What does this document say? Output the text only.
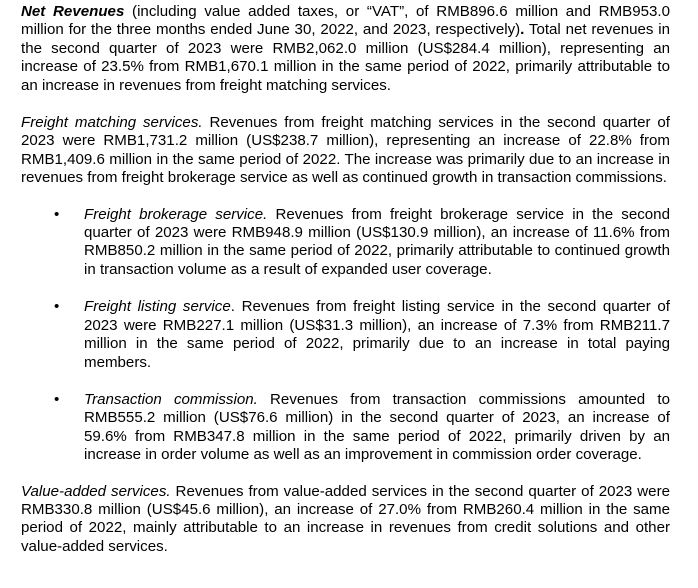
Net Revenues (including value added taxes, or “VAT”, of RMB896.6 million and RMB953.0 million for the three months ended June 30, 2022, and 2023, respectively). Total net revenues in the second quarter of 2023 were RMB2,062.0 million (US$284.4 million), representing an increase of 23.5% from RMB1,670.1 million in the same period of 2022, primarily attributable to an increase in revenues from freight matching services.

Freight matching services. Revenues from freight matching services in the second quarter of 2023 were RMB1,731.2 million (US$238.7 million), representing an increase of 22.8% from RMB1,409.6 million in the same period of 2022. The increase was primarily due to an increase in revenues from freight brokerage service as well as continued growth in transaction commissions.

• Freight brokerage service. Revenues from freight brokerage service in the second quarter of 2023 were RMB948.9 million (US$130.9 million), an increase of 11.6% from RMB850.2 million in the same period of 2022, primarily attributable to continued growth in transaction volume as a result of expanded user coverage.
• Freight listing service. Revenues from freight listing service in the second quarter of 2023 were RMB227.1 million (US$31.3 million), an increase of 7.3% from RMB211.7 million in the same period of 2022, primarily due to an increase in total paying members.
• Transaction commission. Revenues from transaction commissions amounted to RMB555.2 million (US$76.6 million) in the second quarter of 2023, an increase of 59.6% from RMB347.8 million in the same period of 2022, primarily driven by an increase in order volume as well as an improvement in commission order coverage.

Value-added services. Revenues from value-added services in the second quarter of 2023 were RMB330.8 million (US$45.6 million), an increase of 27.0% from RMB260.4 million in the same period of 2022, mainly attributable to an increase in revenues from credit solutions and other value-added services.
